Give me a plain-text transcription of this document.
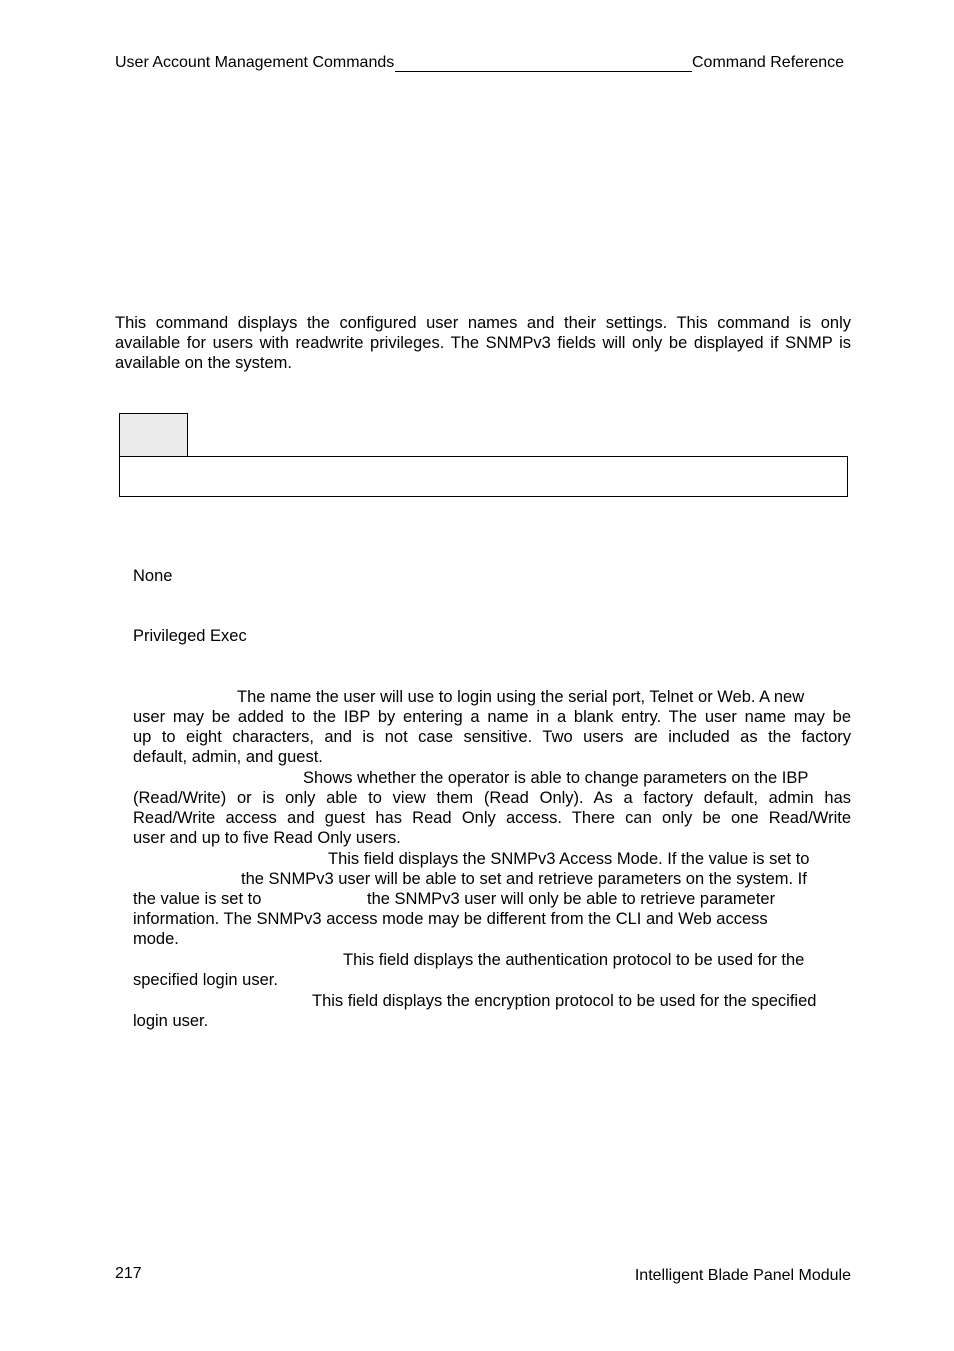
User Account Management Commands	Command Reference
This command displays the configured user names and their settings. This command is only available for users with readwrite privileges. The SNMPv3 fields will only be displayed if SNMP is available on the system.
None
Privileged Exec
The name the user will use to login using the serial port, Telnet or Web. A new
user may be added to the IBP by entering a name in a blank entry. The user name may be
up to eight characters, and is not case sensitive. Two users are included as the factory
default, admin, and guest.
Shows whether the operator is able to change parameters on the IBP
(Read/Write) or is only able to view them (Read Only). As a factory default, admin has
Read/Write access and guest has Read Only access. There can only be one Read/Write
user and up to five Read Only users.
This field displays the SNMPv3 Access Mode. If the value is set to
the SNMPv3 user will be able to set and retrieve parameters on the system. If
the value is set to	the SNMPv3 user will only be able to retrieve parameter
information. The SNMPv3 access mode may be different from the CLI and Web access
mode.
This field displays the authentication protocol to be used for the
specified login user.
This field displays the encryption protocol to be used for the specified
login user.
217	Intelligent Blade Panel Module
